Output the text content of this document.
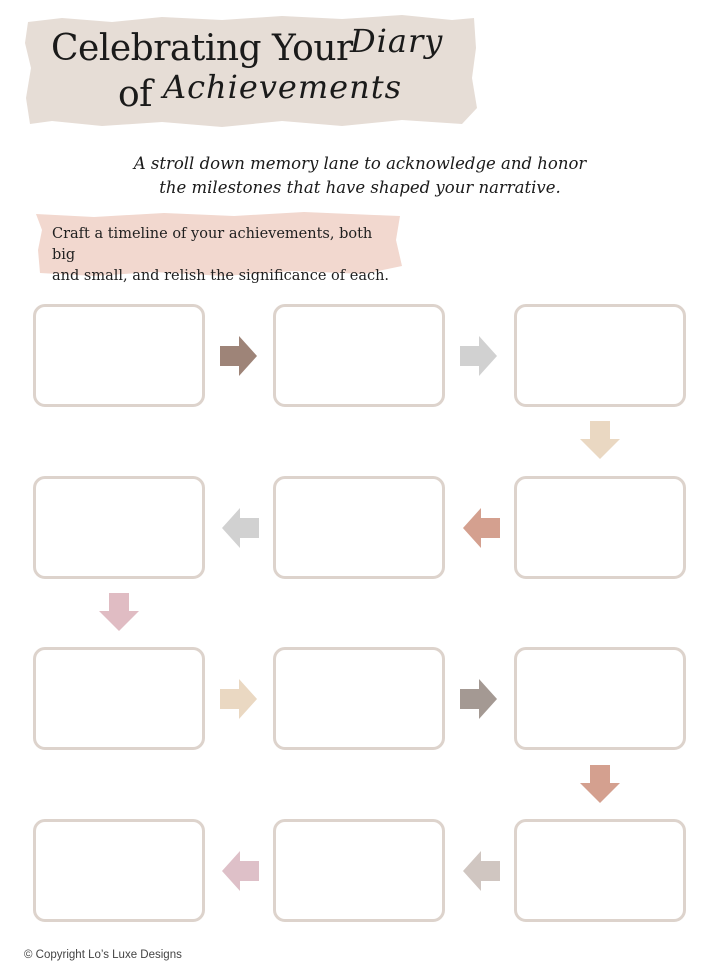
Celebrating Your
Diary
of Achievements
A stroll down memory lane to acknowledge and honor
the milestones that have shaped your narrative.
Craft a timeline of your achievements, both big
and small, and relish the significance of each.
© Copyright Lo’s Luxe Designs
